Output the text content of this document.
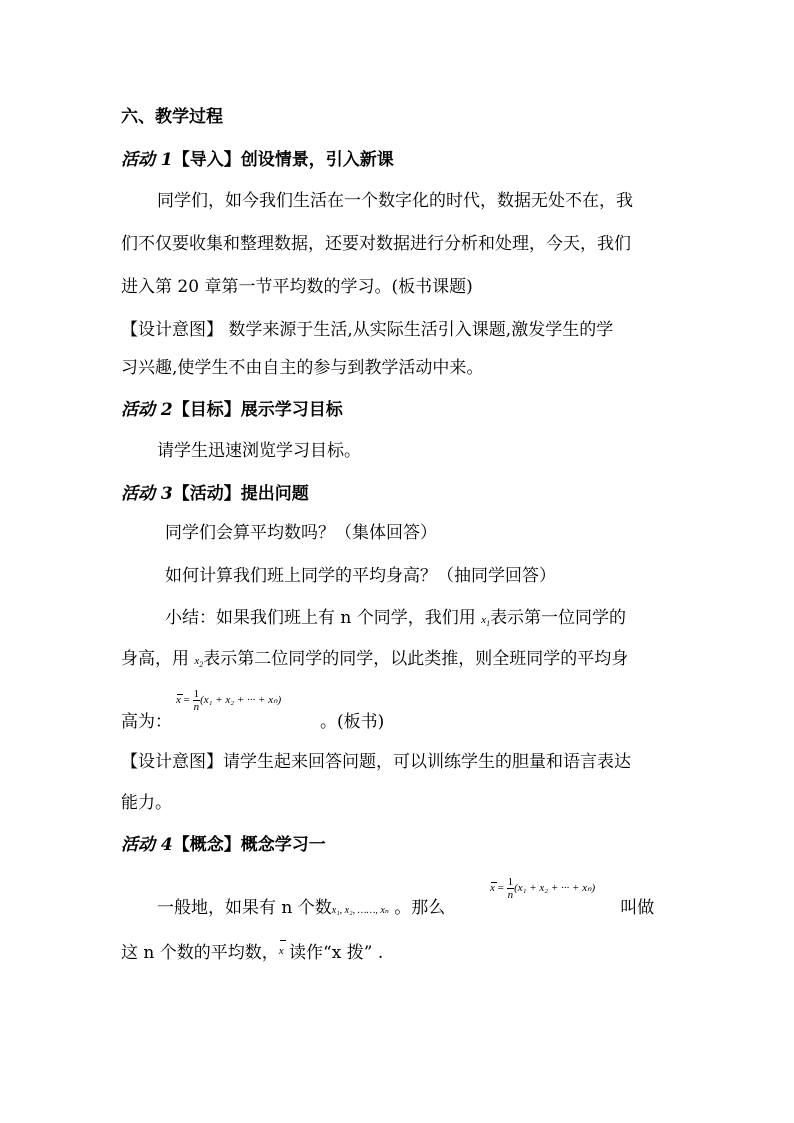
六、教学过程
活动 1【导入】创设情景，引入新课
同学们，如今我们生活在一个数字化的时代，数据无处不在，我
们不仅要收集和整理数据，还要对数据进行分析和处理，今天，我们
进入第 20 章第一节平均数的学习。(板书课题)
【设计意图】 数学来源于生活,从实际生活引入课题,激发学生的学
习兴趣,使学生不由自主的参与到教学活动中来。
活动 2【目标】展示学习目标
请学生迅速浏览学习目标。
活动 3【活动】提出问题
同学们会算平均数吗？（集体回答）
如何计算我们班上同学的平均身高？（抽同学回答）
小结：如果我们班上有 n 个同学，我们用 $x_1$表示第一位同学的
身高，用 $x_2$表示第二位同学的同学，以此类推，则全班同学的平均身
$x = \frac{1}{n} (x_1 + x_2$ + ··· + xₙ)
高为：	。(板书)
【设计意图】请学生起来回答问题，可以训练学生的胆量和语言表达
能力。
活动 4【概念】概念学习一
$x = \frac{1}{n} (x_1 + x_2$ + ··· + xₙ)
一般地，如果有 n 个数x₁, x₂, ……, xₙ 。那么	叫做
这 n 个数的平均数，x 读作“x 拨” .
